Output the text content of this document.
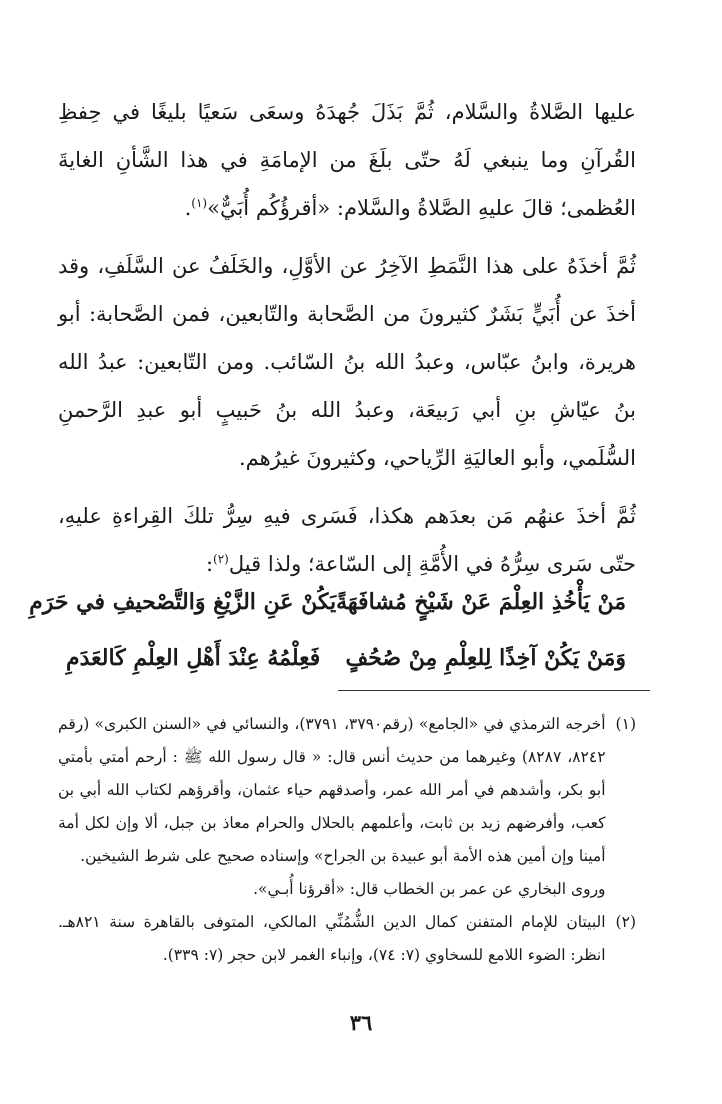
عليها الصَّلاةُ والسَّلام، ثُمَّ بَذَلَ جُهدَهُ وسعَى سَعيًا بليغًا في حِفظِ القُرآنِ وما ينبغي لَهُ حتّى بلَغَ من الإمامَةِ في هذا الشَّأنِ الغايةَ العُظمى؛ قالَ عليهِ الصَّلاةُ والسَّلام: «أقرؤُكُم أُبَيٌّ»$^{(١)}$.

ثُمَّ أخذَهُ على هذا النَّمَطِ الآخِرُ عن الأوَّلِ، والخَلَفُ عن السَّلَفِ، وقد أخذَ عن أُبَيٍّ بَشَرٌ كثيرونَ من الصَّحابة والتّابعين، فمن الصَّحابة: أبو هريرة، وابنُ عبّاس، وعبدُ الله بنُ السّائب. ومن التّابعين: عبدُ الله بنُ عيّاشِ بنِ أبي رَبيعَة، وعبدُ الله بنُ حَبيبٍ أبو عبدِ الرَّحمنِ السُّلَمي، وأبو العاليَةِ الرِّياحي، وكثيرونَ غيرُهم.

ثُمَّ أخذَ عنهُم مَن بعدَهم هكذا، فَسَرى فيهِ سِرُّ تلكَ القِراءةِ عليهِ، حتّى سَرى سِرُّهُ في الأُمَّةِ إلى السّاعة؛ ولذا قيل$^{(٢)}$:

مَنْ يَأْخُذِ العِلْمَ عَنْ شَيْخٍ مُشافَهَةً
يَكُنْ عَنِ الزَّيْغِ وَالتَّصْحيفِ في حَرَمِ
وَمَنْ يَكُنْ آخِذًا لِلعِلْمِ مِنْ صُحُفٍ
فَعِلْمُهُ عِنْدَ أَهْلِ العِلْمِ كَالعَدَمِ
(١)

أخرجه الترمذي في «الجامع» (رقم٣٧٩٠، ٣٧٩١)، والنسائي في «السنن الكبرى» (رقم ٨٢٤٢، ٨٢٨٧) وغيرهما من حديث أنس قال: « قال رسول الله ﷺ : أرحم أمتي بأمتي أبو بكر، وأشدهم في أمر الله عمر، وأصدقهم حياء عثمان، وأقرؤهم لكتاب الله أبي بن كعب، وأفرضهم زيد بن ثابت، وأعلمهم بالحلال والحرام معاذ بن جبل، ألا وإن لكل أمة أمينا وإن أمين هذه الأمة أبو عبيدة بن الجراح» وإسناده صحيح على شرط الشيخين.

وروى البخاري عن عمر بن الخطاب قال: «أقرؤنا أُبـي».

(٢)

البيتان للإمام المتفنن كمال الدين الشُّمُنِّي المالكي، المتوفى بالقاهرة سنة ٨٢١هـ. انظر: الضوء اللامع للسخاوي (٧: ٧٤)، وإنباء الغمر لابن حجر (٧: ٣٣٩).

٣٦
